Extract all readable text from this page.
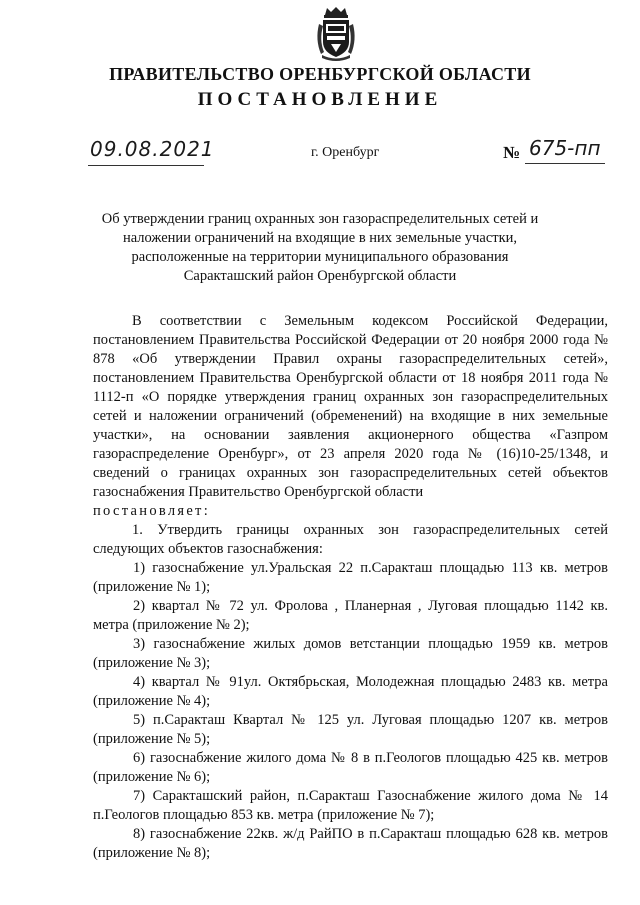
ПРАВИТЕЛЬСТВО ОРЕНБУРГСКОЙ ОБЛАСТИ
ПОСТАНОВЛЕНИЕ
09.08.2021	г. Оренбург	№ 675-пп
Об утверждении границ охранных зон газораспределительных сетей и
наложении ограничений на входящие в них земельные участки,
расположенные на территории муниципального образования
Саракташский район Оренбургской области

В соответствии с Земельным кодексом Российской Федерации, постановлением Правительства Российской Федерации от 20 ноября 2000 года № 878 «Об утверждении Правил охраны газораспределительных сетей», постановлением Правительства Оренбургской области от 18 ноября 2011 года № 1112-п «О порядке утверждения границ охранных зон газораспределительных сетей и наложении ограничений (обременений) на входящие в них земельные участки», на основании заявления акционерного общества «Газпром газораспределение Оренбург», от 23 апреля 2020 года № (16)10-25/1348, и сведений о границах охранных зон газораспределительных сетей объектов газоснабжения Правительство Оренбургской области

постановляет:

1. Утвердить границы охранных зон газораспределительных сетей следующих объектов газоснабжения:

1) газоснабжение ул.Уральская 22 п.Саракташ площадью 113 кв. метров (приложение № 1);

2) квартал № 72 ул. Фролова , Планерная , Луговая площадью 1142 кв. метра (приложение № 2);

3) газоснабжение жилых домов ветстанции площадью 1959 кв. метров (приложение № 3);

4) квартал № 91ул. Октябрьская, Молодежная площадью 2483 кв. метра (приложение № 4);

5) п.Саракташ Квартал № 125 ул. Луговая площадью 1207 кв. метров (приложение № 5);

6) газоснабжение жилого дома № 8 в п.Геологов площадью 425 кв. метров (приложение № 6);

7) Саракташский район, п.Саракташ Газоснабжение жилого дома № 14 п.Геологов площадью 853 кв. метра (приложение № 7);

8) газоснабжение 22кв. ж/д РайПО в п.Саракташ площадью 628 кв. метров (приложение № 8);
